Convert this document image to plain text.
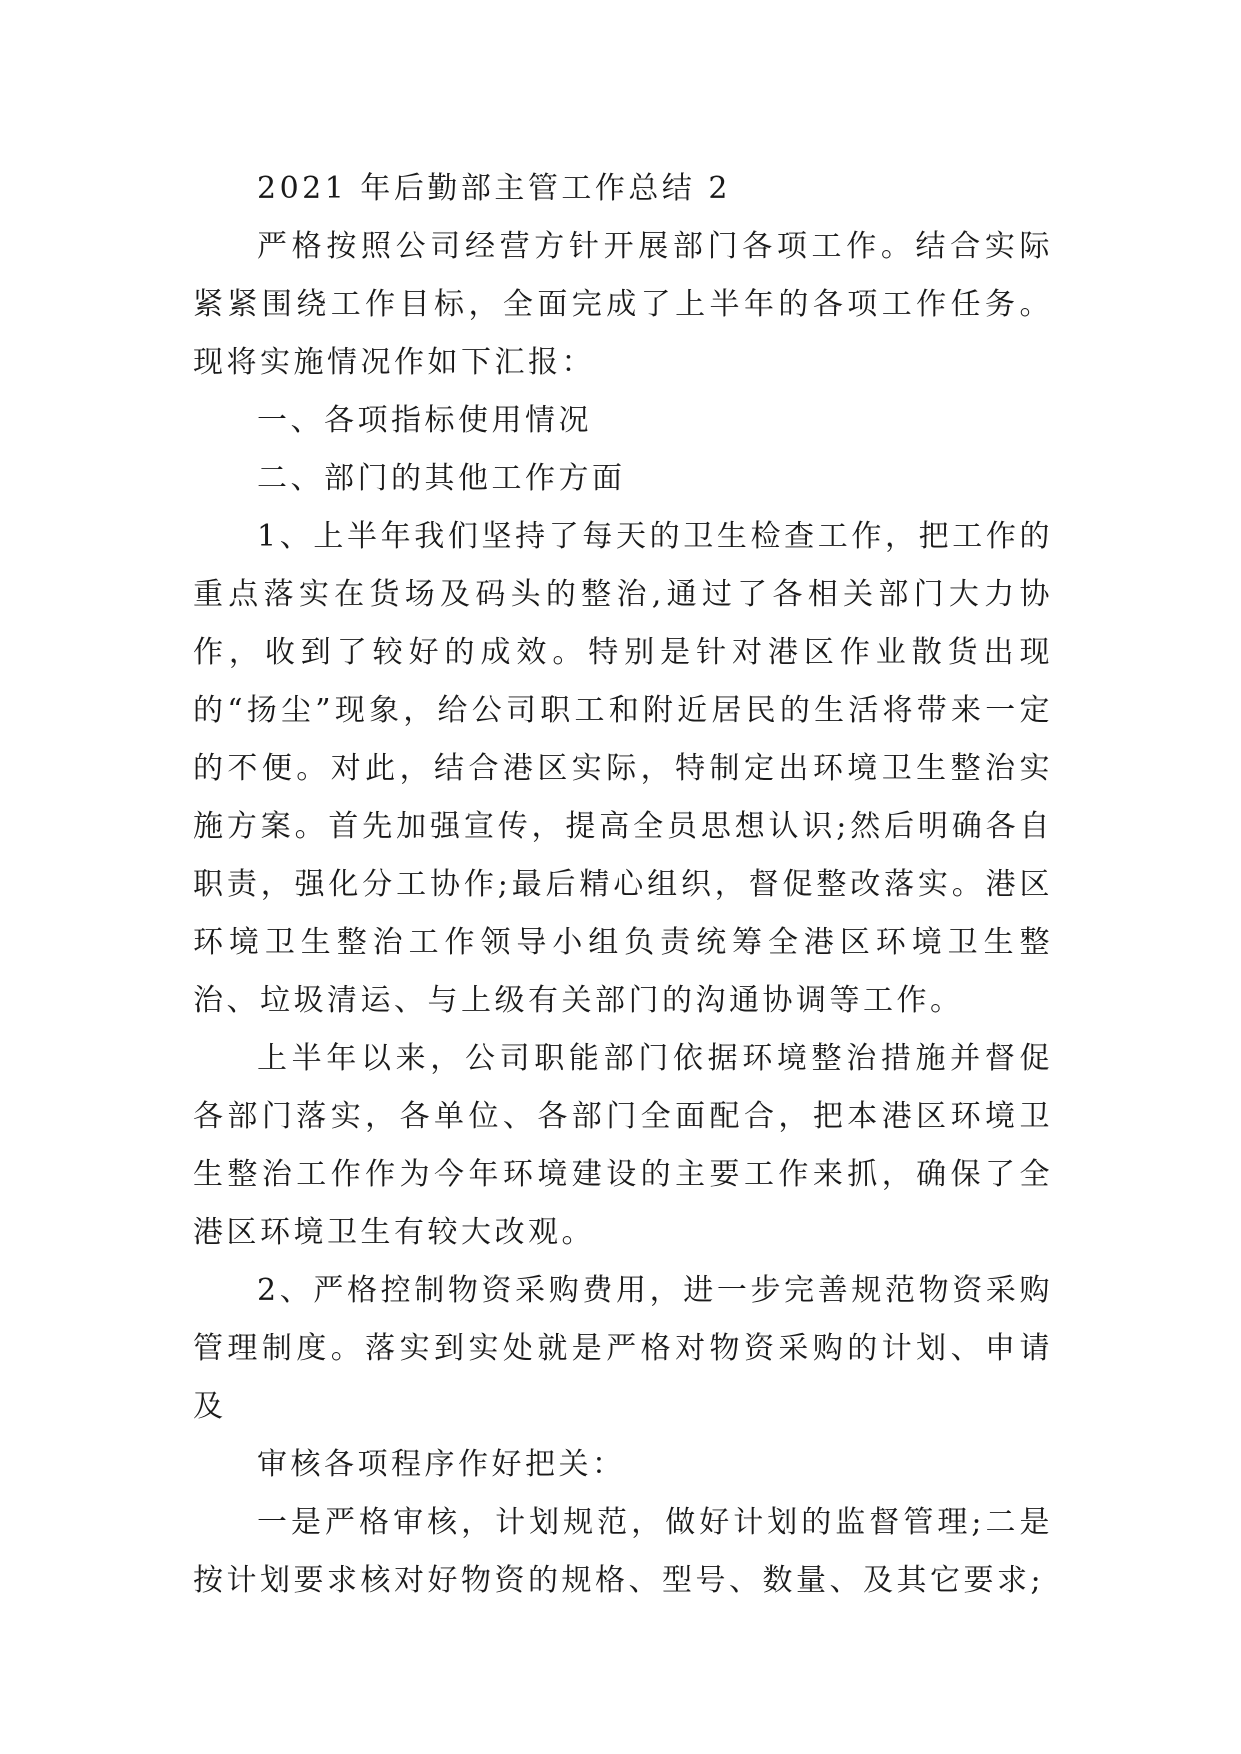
2021 年后勤部主管工作总结 2

严格按照公司经营方针开展部门各项工作。结合实际紧紧围绕工作目标，全面完成了上半年的各项工作任务。现将实施情况作如下汇报：

一、各项指标使用情况

二、部门的其他工作方面

1、上半年我们坚持了每天的卫生检查工作，把工作的重点落实在货场及码头的整治,通过了各相关部门大力协作，收到了较好的成效。特别是针对港区作业散货出现的“扬尘”现象，给公司职工和附近居民的生活将带来一定的不便。对此，结合港区实际，特制定出环境卫生整治实施方案。首先加强宣传，提高全员思想认识;然后明确各自职责，强化分工协作;最后精心组织，督促整改落实。港区环境卫生整治工作领导小组负责统筹全港区环境卫生整治、垃圾清运、与上级有关部门的沟通协调等工作。

上半年以来，公司职能部门依据环境整治措施并督促各部门落实，各单位、各部门全面配合，把本港区环境卫生整治工作作为今年环境建设的主要工作来抓，确保了全港区环境卫生有较大改观。

2、严格控制物资采购费用，进一步完善规范物资采购管理制度。落实到实处就是严格对物资采购的计划、申请及

审核各项程序作好把关：

一是严格审核，计划规范，做好计划的监督管理;二是按计划要求核对好物资的规格、型号、数量、及其它要求;
